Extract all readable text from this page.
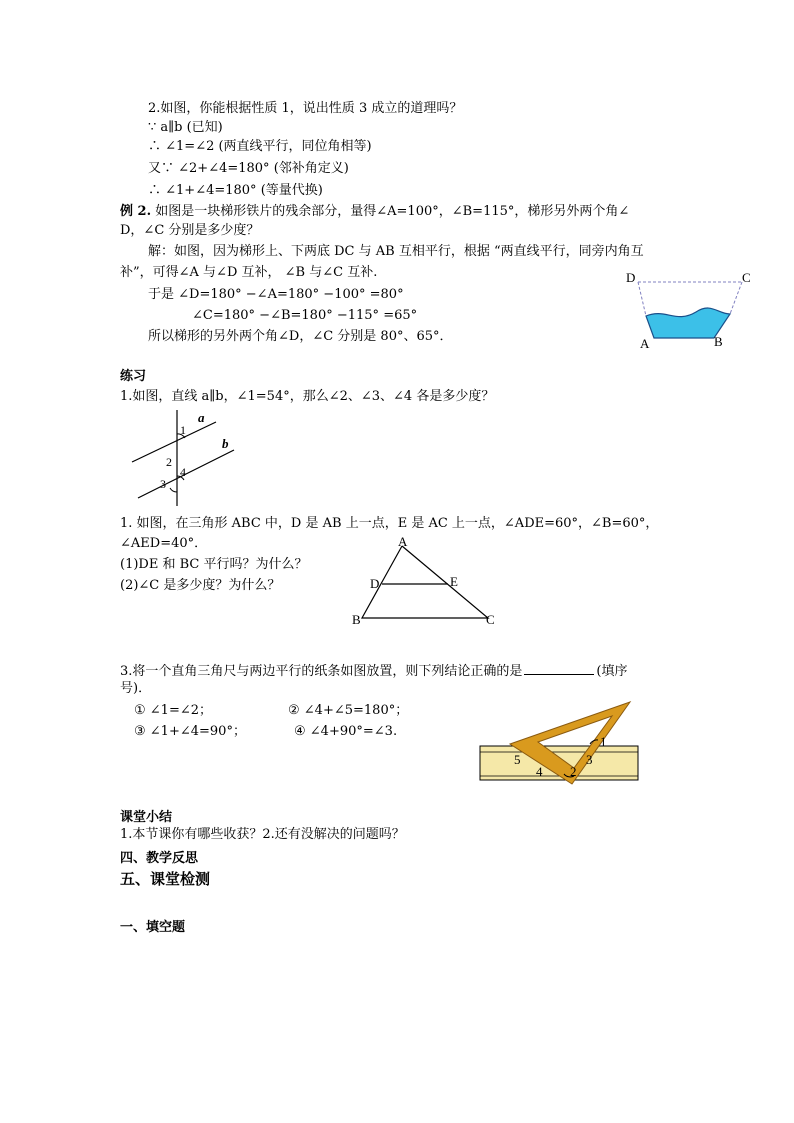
2.如图，你能根据性质 1，说出性质 3 成立的道理吗？
∵ a∥b (已知)
∴ ∠1=∠2 (两直线平行，同位角相等)
又∵ ∠2+∠4=180° (邻补角定义)
∴ ∠1+∠4=180° (等量代换)
例 2. 如图是一块梯形铁片的残余部分，量得∠A=100°，∠B=115°，梯形另外两个角∠
D，∠C 分别是多少度？
解：如图，因为梯形上、下两底 DC 与 AB 互相平行，根据 “两直线平行，同旁内角互
补”，可得∠A 与∠D 互补， ∠B 与∠C 互补.
于是 ∠D=180° −∠A=180° −100° =80°
∠C=180° −∠B=180° −115° =65°
所以梯形的另外两个角∠D，∠C 分别是 80°、65°．
D	C
A	B
练习
1.如图，直线 a∥b，∠1=54°，那么∠2、∠3、∠4 各是多少度？
a
b
1
2
3
4
1. 如图，在三角形 ABC 中，D 是 AB 上一点，E 是 AC 上一点，∠ADE=60°，∠B=60°，
∠AED=40°．
(1)DE 和 BC 平行吗？为什么？
(2)∠C 是多少度？为什么？
A
D	E
B	C
3.将一个直角三角尺与两边平行的纸条如图放置，则下列结论正确的是	(填序
号)．
① ∠1=∠2；	② ∠4+∠5=180°；
③ ∠1+∠4=90°；	④ ∠4+90°=∠3.
1
2
3
4
5
课堂小结
1.本节课你有哪些收获？2.还有没解决的问题吗？
四、教学反思
五、课堂检测
一、填空题
